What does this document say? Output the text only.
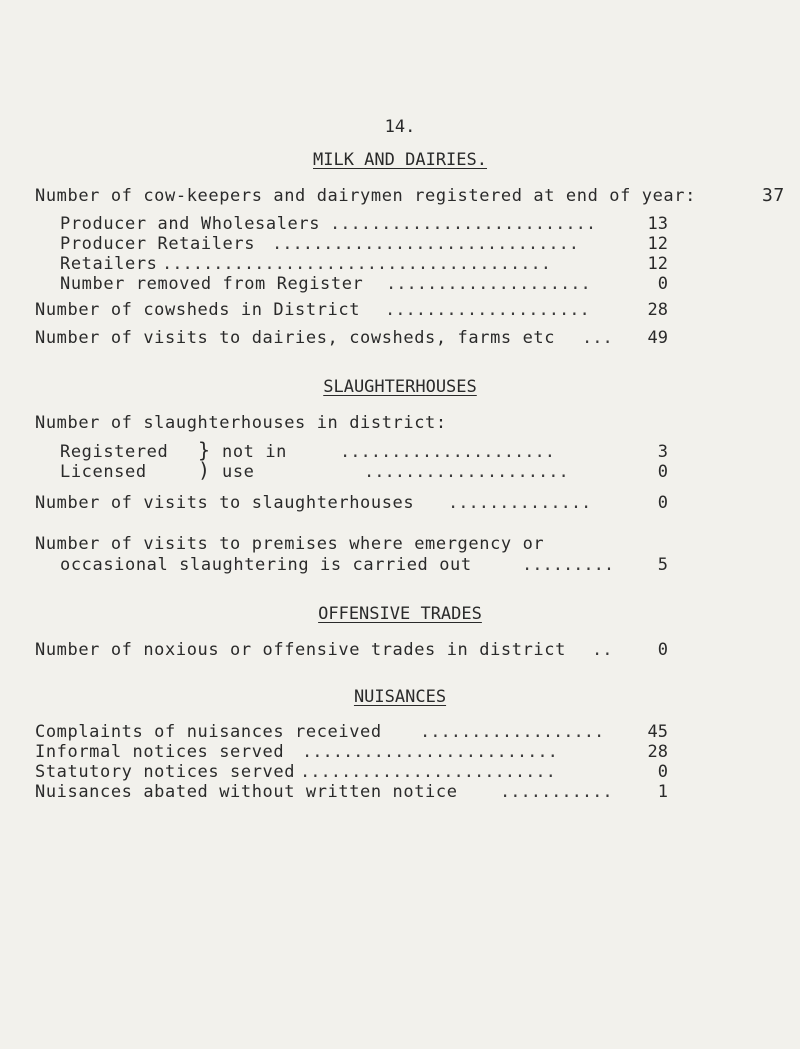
14.
MILK AND DAIRIES.
Number of cow-keepers and dairymen registered at end of year:	37
Producer and Wholesalers ..........................	13
Producer Retailers ..............................	12
Retailers ......................................	12
Number removed from Register ....................	0
Number of cowsheds in District ....................	28
Number of visits to dairies, cowsheds, farms etc ...	49
SLAUGHTERHOUSES
Number of slaughterhouses in district:
Registered } not in	.....................	3
Licensed	) use	....................	0
Number of visits to slaughterhouses ..............	0
Number of visits to premises where emergency or
occasional slaughtering is carried out	.........	5
OFFENSIVE TRADES
Number of noxious or offensive trades in district ..	0
NUISANCES
Complaints of nuisances received ..................	45
Informal notices served .........................	28
Statutory notices served .........................	0
Nuisances abated without written notice ...........	1
